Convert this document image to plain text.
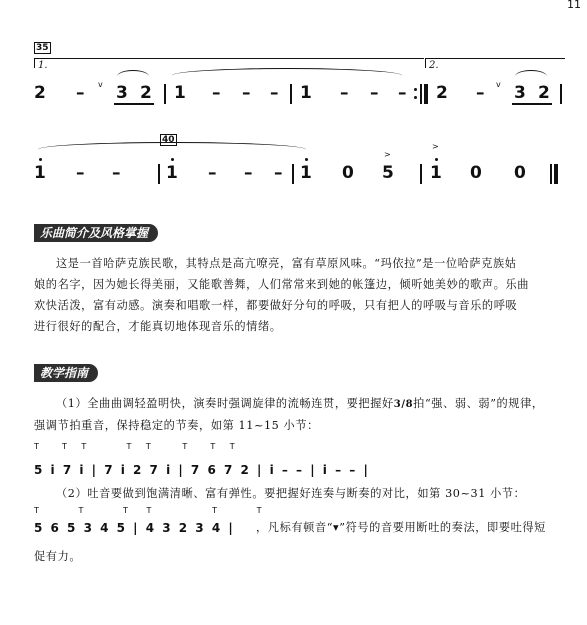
11
35
1.	2.
2 – v 3 2 1 – – – 1 – – – 2 – v 3 2
40
1 – –	1 – – – 1 0
>
5
>
1 0 0
乐曲简介及风格掌握
这是一首哈萨克族民歌，其特点是高亢嘹亮，富有草原风味。“玛依拉”是一位哈萨克族姑
娘的名字，因为她长得美丽，又能歌善舞，人们常常来到她的帐篷边，倾听她美妙的歌声。乐曲
欢快活泼，富有动感。演奏和唱歌一样，都要做好分句的呼吸，只有把人的呼吸与音乐的呼吸
进行很好的配合，才能真切地体现音乐的情绪。
教学指南
（1）全曲曲调轻盈明快，演奏时强调旋律的流畅连贯，要把握好3/8拍“强、弱、弱”的规律，
强调节拍重音，保持稳定的节奏，如第 11~15 小节：
T  T T    T T   T  T T
5 i 7 i | 7 i 2 7 i | 7 6 7 2 | i – – | i – – |
（2）吐音要做到饱满清晰、富有弹性。要把握好连奏与断奏的对比，如第 30~31 小节：
T   T   T T     T   T
5 6 5 3 4 5 | 4 3 2 3 4 | ，凡标有顿音“▾”符号的音要用断吐的奏法，即要吐得短
促有力。
